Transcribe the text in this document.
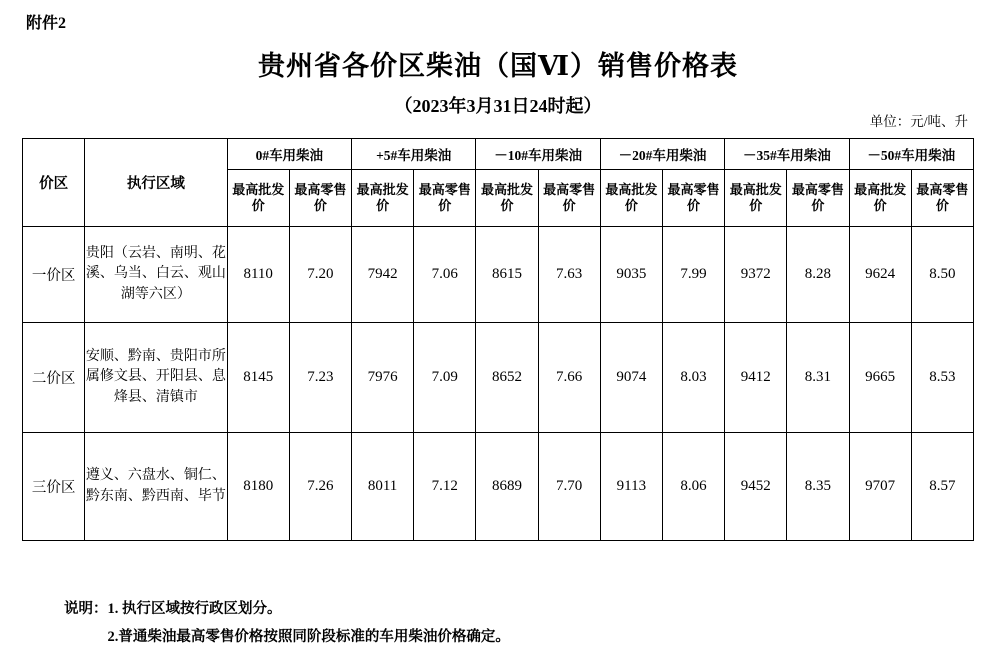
附件2
贵州省各价区柴油（国Ⅵ）销售价格表
（2023年3月31日24时起）
单位：元/吨、升
价区	执行区域	0#车用柴油		+5#车用柴油		－10#车用柴油		－20#车用柴油		－35#车用柴油		－50#车用柴油	
		最高批发价	最高零售价	最高批发价	最高零售价	最高批发价	最高零售价	最高批发价	最高零售价	最高批发价	最高零售价	最高批发价	最高零售价
一价区	贵阳（云岩、南明、花溪、乌当、白云、观山湖等六区）	8110	7.20	7942	7.06	8615	7.63	9035	7.99	9372	8.28	9624	8.50
二价区	安顺、黔南、贵阳市所属修文县、开阳县、息烽县、清镇市	8145	7.23	7976	7.09	8652	7.66	9074	8.03	9412	8.31	9665	8.53
三价区	遵义、六盘水、铜仁、黔东南、黔西南、毕节	8180	7.26	8011	7.12	8689	7.70	9113	8.06	9452	8.35	9707	8.57
说明：1. 执行区域按行政区划分。
2.普通柴油最高零售价格按照同阶段标准的车用柴油价格确定。
